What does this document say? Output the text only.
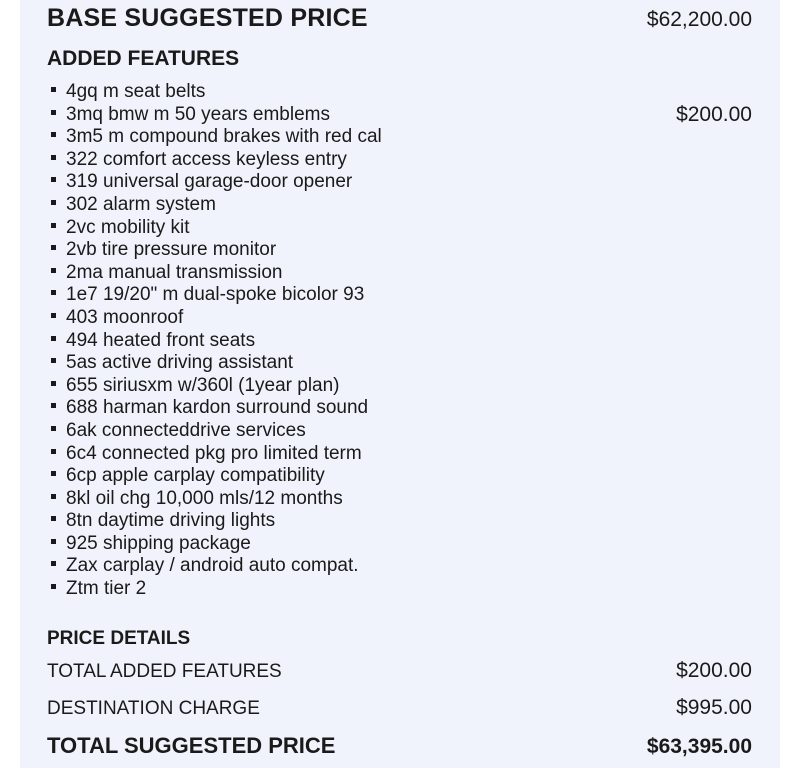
BASE SUGGESTED PRICE	$62,200.00
ADDED FEATURES
4gq m seat belts
3mq bmw m 50 years emblems
3m5 m compound brakes with red cal
322 comfort access keyless entry
319 universal garage-door opener
302 alarm system
2vc mobility kit
2vb tire pressure monitor
2ma manual transmission
1e7 19/20" m dual-spoke bicolor 93
403 moonroof
494 heated front seats
5as active driving assistant
655 siriusxm w/360l (1year plan)
688 harman kardon surround sound
6ak connecteddrive services
6c4 connected pkg pro limited term
6cp apple carplay compatibility
8kl oil chg 10,000 mls/12 months
8tn daytime driving lights
925 shipping package
Zax carplay / android auto compat.
Ztm tier 2
$200.00
PRICE DETAILS
TOTAL ADDED FEATURES	$200.00
DESTINATION CHARGE	$995.00
TOTAL SUGGESTED PRICE	$63,395.00
